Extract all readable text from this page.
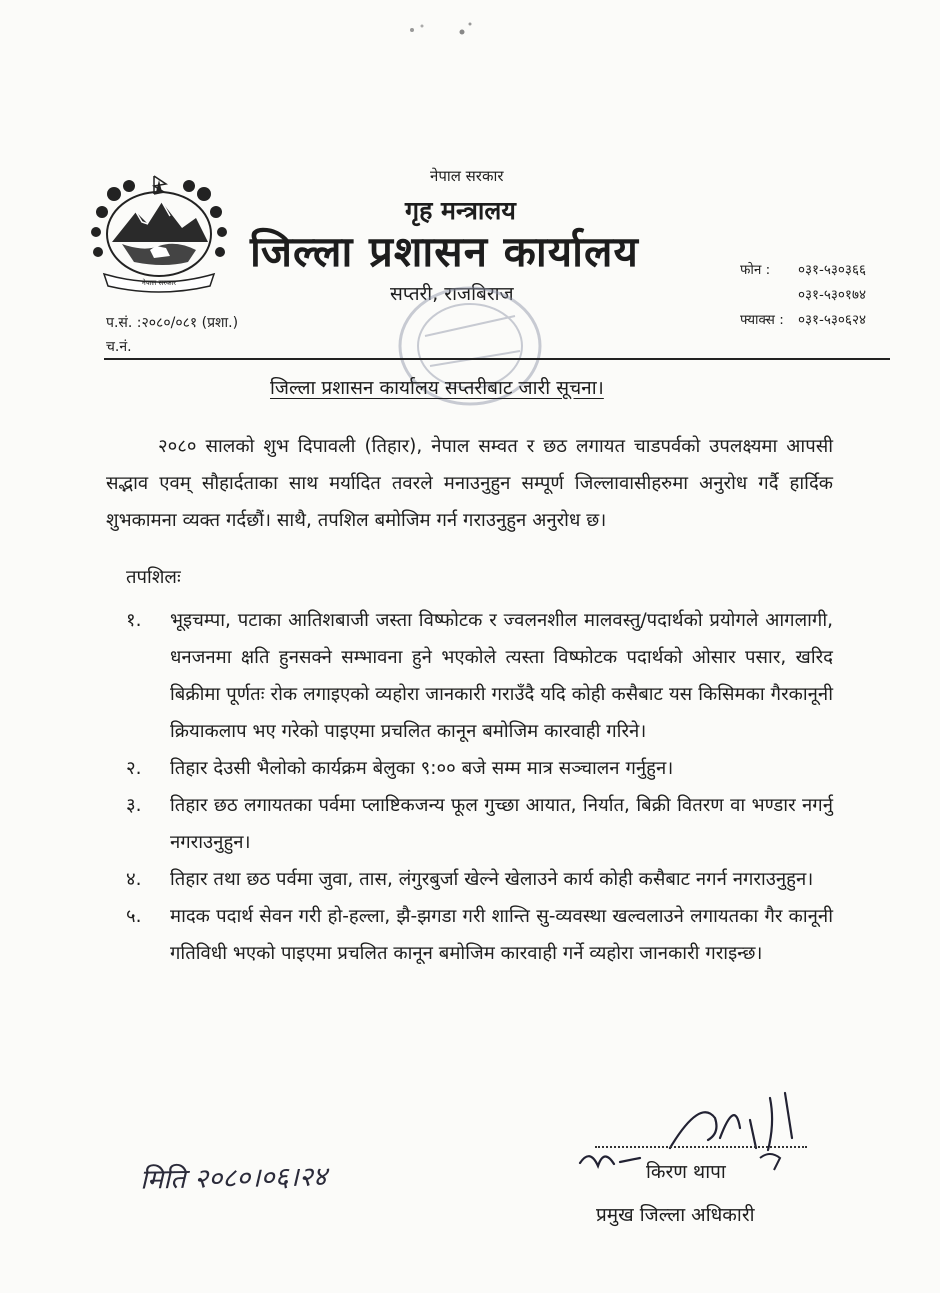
नेपाल सरकार
नेपाल सरकार
गृह मन्त्रालय
जिल्ला प्रशासन कार्यालय
सप्तरी, राजबिराज
फोन : ०३१-५३०३६६
०३१-५३०१७४
फ्याक्स : ०३१-५३०६२४
प.सं. :२०८०/०८१ (प्रशा.)
च.नं.
जिल्ला प्रशासन कार्यालय सप्तरीबाट जारी सूचना।

२०८० सालको शुभ दिपावली (तिहार), नेपाल सम्वत र छठ लगायत चाडपर्वको उपलक्ष्यमा आपसी सद्भाव एवम् सौहार्दताका साथ मर्यादित तवरले मनाउनुहुन सम्पूर्ण जिल्लावासीहरुमा अनुरोध गर्दै हार्दिक शुभकामना व्यक्त गर्दछौं। साथै, तपशिल बमोजिम गर्न गराउनुहुन अनुरोध छ।

तपशिलः
१.	भूइचम्पा, पटाका आतिशबाजी जस्ता विष्फोटक र ज्वलनशील मालवस्तु/पदार्थको प्रयोगले आगलागी, धनजनमा क्षति हुनसक्ने सम्भावना हुने भएकोले त्यस्ता विष्फोटक पदार्थको ओसार पसार, खरिद बिक्रीमा पूर्णतः रोक लगाइएको व्यहोरा जानकारी गराउँदै यदि कोही कसैबाट यस किसिमका गैरकानूनी क्रियाकलाप भए गरेको पाइएमा प्रचलित कानून बमोजिम कारवाही गरिने।
२.	तिहार देउसी भैलोको कार्यक्रम बेलुका ९:०० बजे सम्म मात्र सञ्चालन गर्नुहुन।
३.	तिहार छठ लगायतका पर्वमा प्लाष्टिकजन्य फूल गुच्छा आयात, निर्यात, बिक्री वितरण वा भण्डार नगर्नु नगराउनुहुन।
४.	तिहार तथा छठ पर्वमा जुवा, तास, लंगुरबुर्जा खेल्ने खेलाउने कार्य कोही कसैबाट नगर्न नगराउनुहुन।
५.	मादक पदार्थ सेवन गरी हो-हल्ला, झै-झगडा गरी शान्ति सु-व्यवस्था खल्वलाउने लगायतका गैर कानूनी गतिविधी भएको पाइएमा प्रचलित कानून बमोजिम कारवाही गर्ने व्यहोरा जानकारी गराइन्छ।
मिति २०८०।०६।२४	किरण थापा
प्रमुख जिल्ला अधिकारी
